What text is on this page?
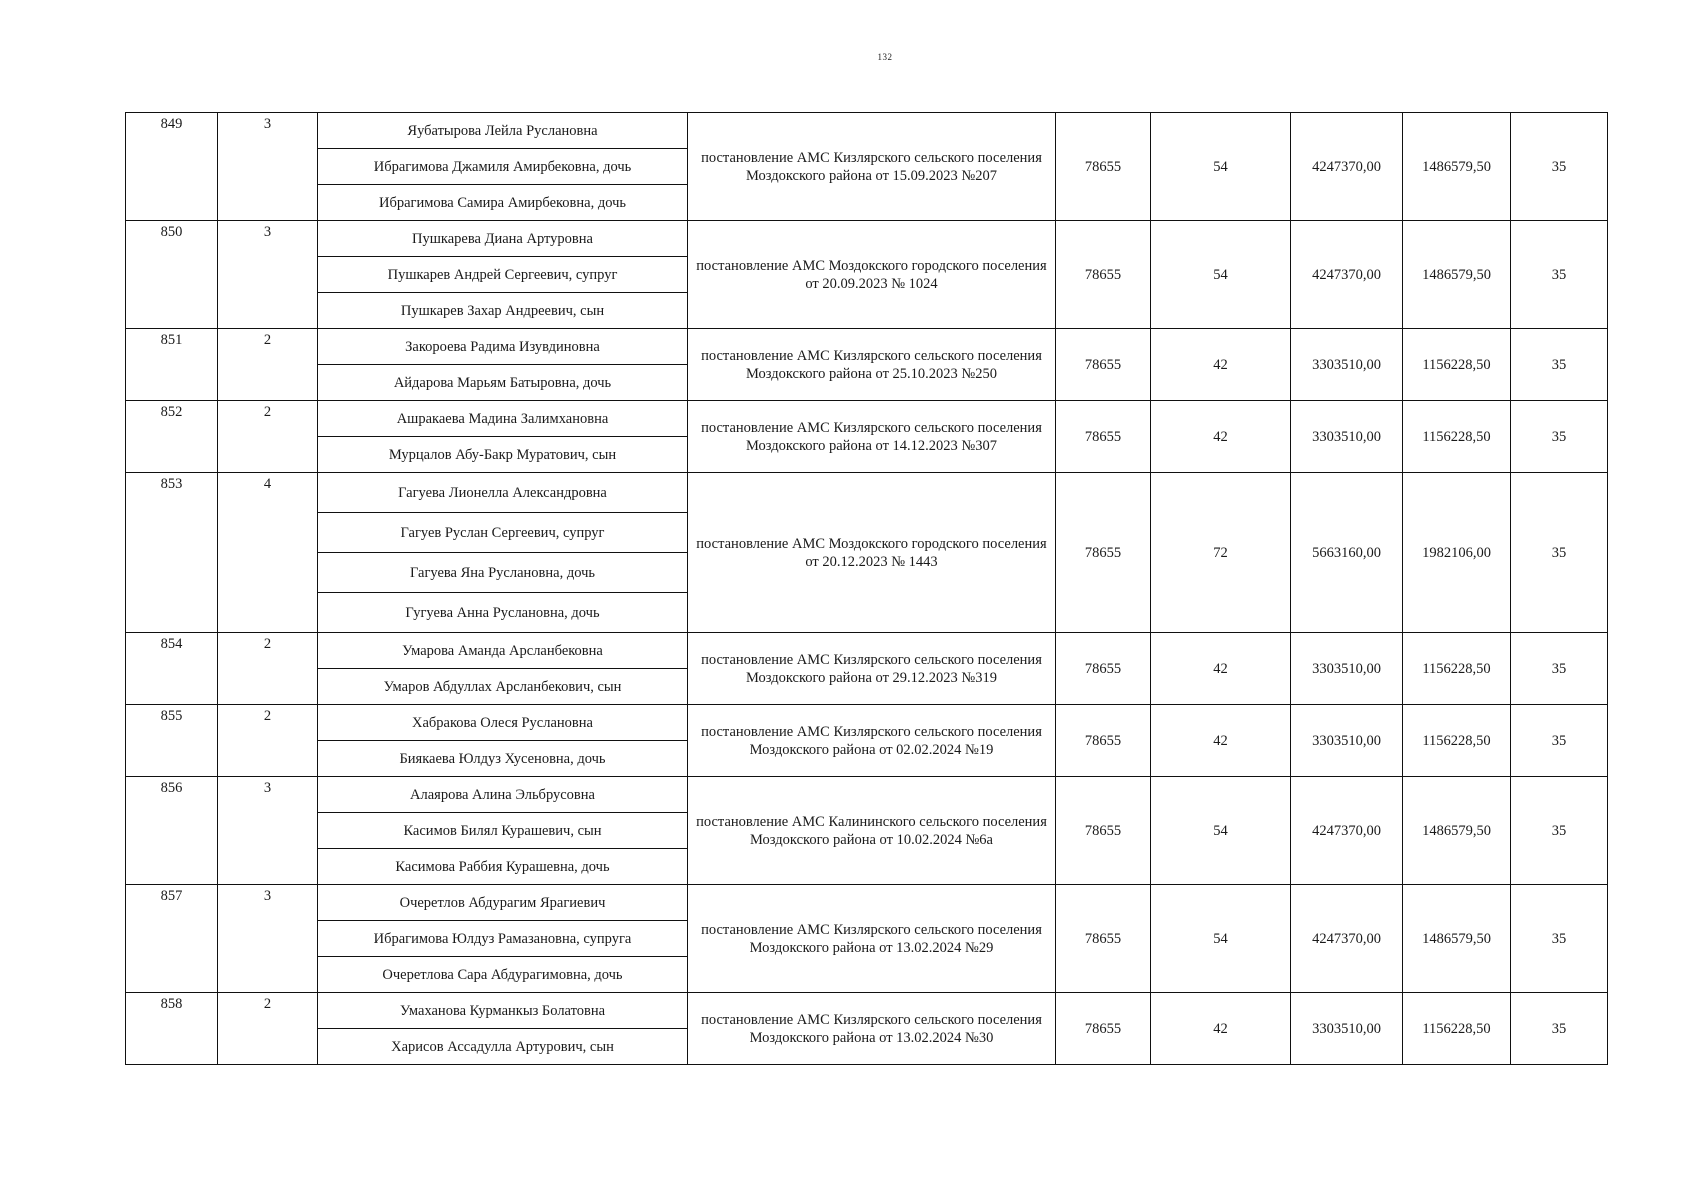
132
849	3	Яубатырова Лейла Руслановна	постановление АМС Кизлярского сельского поселения Моздокского района от 15.09.2023 №207	78655	54	4247370,00	1486579,50	35
		Ибрагимова Джамиля Амирбековна, дочь						
		Ибрагимова Самира Амирбековна, дочь						
850	3	Пушкарева Диана Артуровна	постановление АМС Моздокского городского поселения от 20.09.2023 № 1024	78655	54	4247370,00	1486579,50	35
		Пушкарев Андрей Сергеевич, супруг						
		Пушкарев Захар Андреевич, сын						
851	2	Закороева Радима Изувдиновна	постановление АМС Кизлярского сельского поселения Моздокского района от 25.10.2023 №250	78655	42	3303510,00	1156228,50	35
		Айдарова Марьям Батыровна, дочь						
852	2	Ашракаева Мадина Залимхановна	постановление АМС Кизлярского сельского поселения Моздокского района от 14.12.2023 №307	78655	42	3303510,00	1156228,50	35
		Мурцалов Абу-Бакр Муратович, сын						
853	4	Гагуева Лионелла Александровна	постановление АМС Моздокского городского поселения от 20.12.2023 № 1443	78655	72	5663160,00	1982106,00	35
		Гагуев Руслан Сергеевич, супруг						
		Гагуева Яна Руслановна, дочь						
		Гугуева Анна Руслановна, дочь						
854	2	Умарова Аманда Арсланбековна	постановление АМС Кизлярского сельского поселения Моздокского района от 29.12.2023 №319	78655	42	3303510,00	1156228,50	35
		Умаров Абдуллах Арсланбекович, сын						
855	2	Хабракова Олеся Руслановна	постановление АМС Кизлярского сельского поселения Моздокского района от 02.02.2024 №19	78655	42	3303510,00	1156228,50	35
		Биякаева Юлдуз Хусеновна, дочь						
856	3	Алаярова Алина Эльбрусовна	постановление АМС Калининского сельского поселения Моздокского района от 10.02.2024 №6а	78655	54	4247370,00	1486579,50	35
		Касимов Билял Курашевич, сын						
		Касимова Раббия Курашевна, дочь						
857	3	Очеретлов Абдурагим Ярагиевич	постановление АМС Кизлярского сельского поселения Моздокского района от 13.02.2024 №29	78655	54	4247370,00	1486579,50	35
		Ибрагимова Юлдуз Рамазановна, супруга						
		Очеретлова Сара Абдурагимовна, дочь						
858	2	Умаханова Курманкыз Болатовна	постановление АМС Кизлярского сельского поселения Моздокского района от 13.02.2024 №30	78655	42	3303510,00	1156228,50	35
		Харисов Ассадулла Артурович, сын						
